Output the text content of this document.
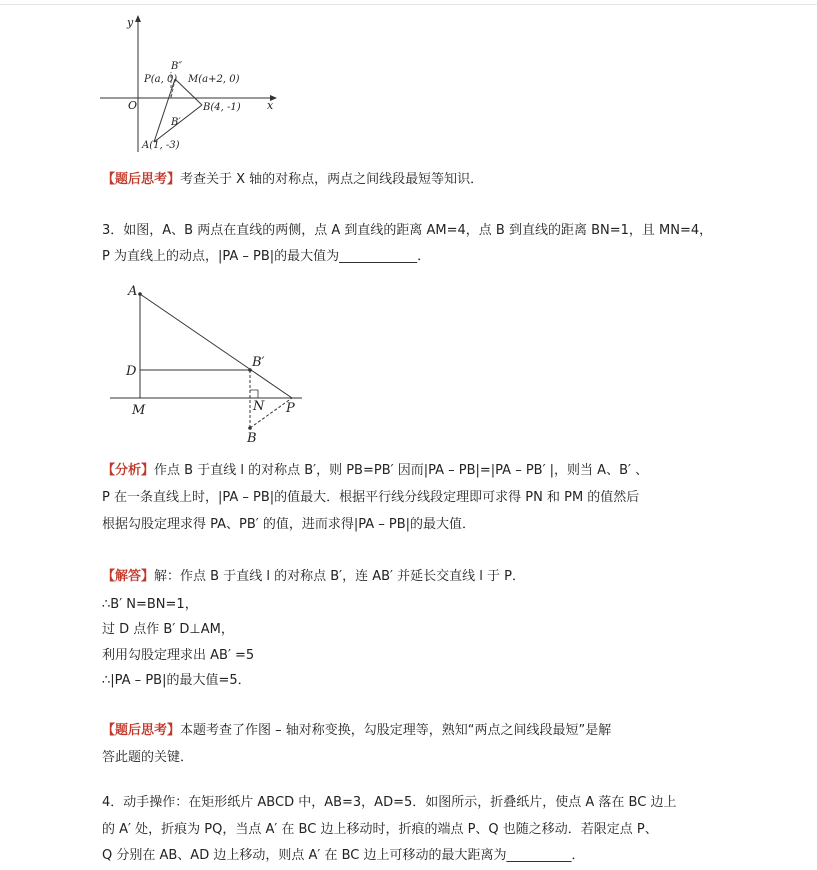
y
x
O
B″
P(a, 0) M(a+2, 0)
B(4, -1)
B′
A(1, -3)
【题后思考】考查关于 X 轴的对称点，两点之间线段最短等知识．
3．如图，A、B 两点在直线的两侧，点 A 到直线的距离 AM=4，点 B 到直线的距离 BN=1，且 MN=4，
P 为直线上的动点，|PA – PB|的最大值为____________．
A
B′
D
M	N P
B
【分析】作点 B 于直线 l 的对称点 B′，则 PB=PB′ 因而|PA – PB|=|PA – PB′ |，则当 A、B′ 、
P 在一条直线上时，|PA – PB|的值最大．根据平行线分线段定理即可求得 PN 和 PM 的值然后
根据勾股定理求得 PA、PB′ 的值，进而求得|PA – PB|的最大值．
【解答】解：作点 B 于直线 l 的对称点 B′，连 AB′ 并延长交直线 l 于 P．
∴B′ N=BN=1，
过 D 点作 B′ D⊥AM，
利用勾股定理求出 AB′ =5
∴|PA – PB|的最大值=5．
【题后思考】本题考查了作图 – 轴对称变换，勾股定理等，熟知“两点之间线段最短”是解
答此题的关键．
4．动手操作：在矩形纸片 ABCD 中，AB=3，AD=5．如图所示，折叠纸片，使点 A 落在 BC 边上
的 A′ 处，折痕为 PQ，当点 A′ 在 BC 边上移动时，折痕的端点 P、Q 也随之移动．若限定点 P、
Q 分别在 AB、AD 边上移动，则点 A′ 在 BC 边上可移动的最大距离为__________．
